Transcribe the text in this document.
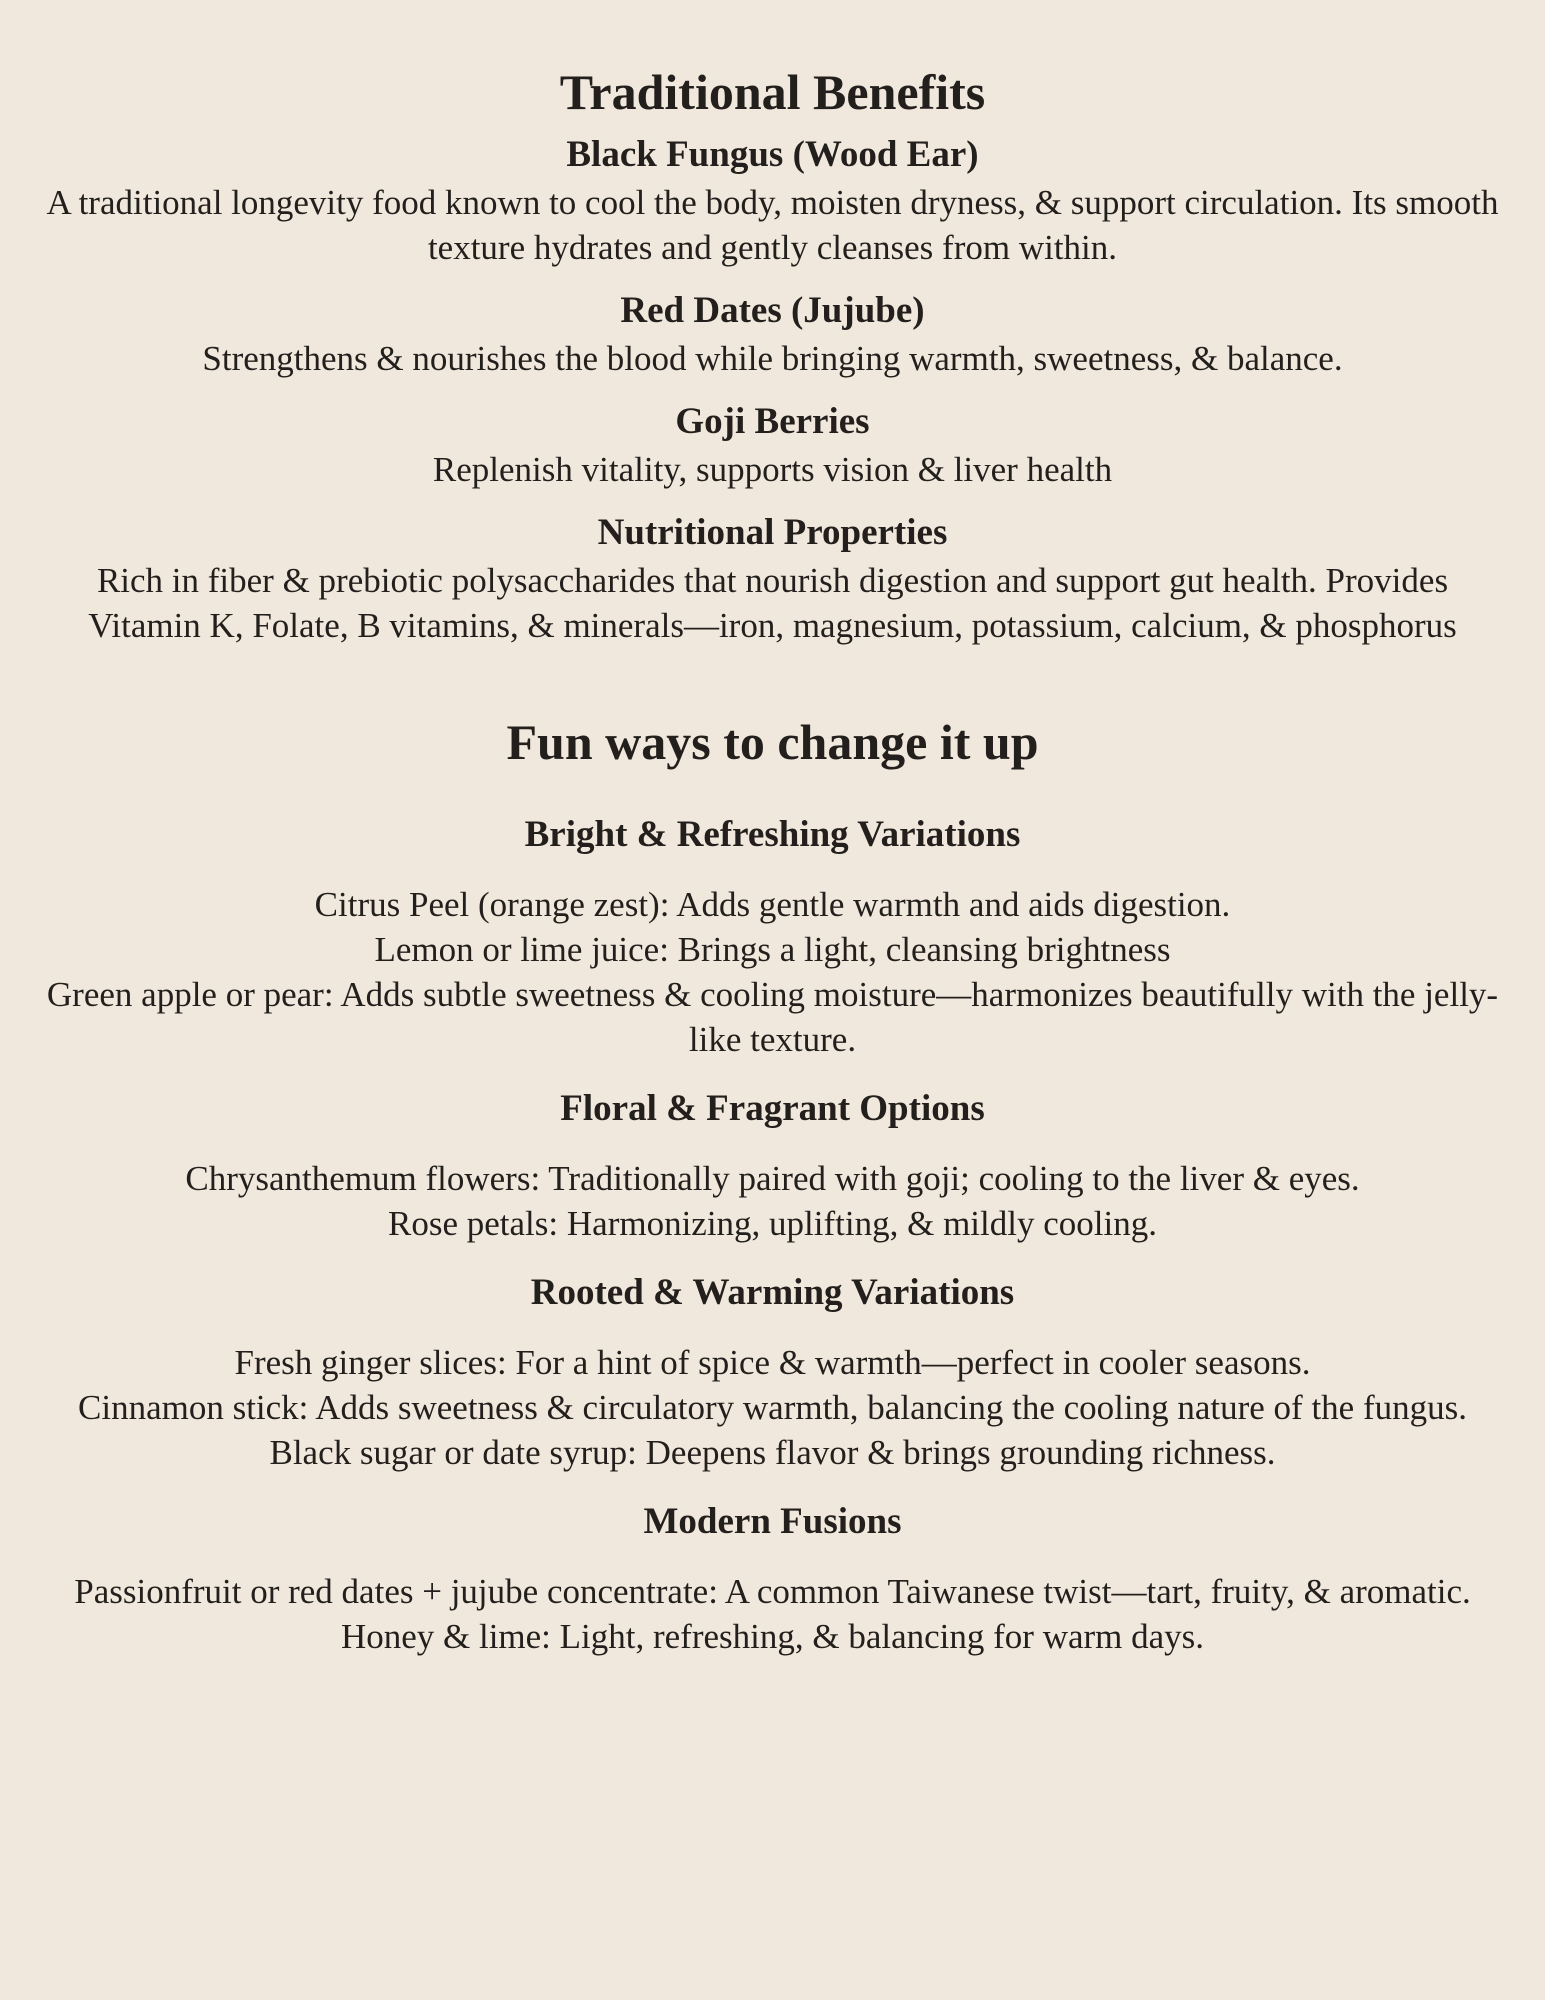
Traditional Benefits
Black Fungus (Wood Ear)

A traditional longevity food known to cool the body, moisten dryness, & support circulation. Its smooth texture hydrates and gently cleanses from within.

Red Dates (Jujube)

Strengthens & nourishes the blood while bringing warmth, sweetness, & balance.

Goji Berries

Replenish vitality, supports vision & liver health

Nutritional Properties

Rich in fiber & prebiotic polysaccharides that nourish digestion and support gut health. Provides Vitamin K, Folate, B vitamins, & minerals—iron, magnesium, potassium, calcium, & phosphorus

Fun ways to change it up
Bright & Refreshing Variations
Citrus Peel (orange zest): Adds gentle warmth and aids digestion.
Lemon or lime juice: Brings a light, cleansing brightness
Green apple or pear: Adds subtle sweetness & cooling moisture—harmonizes beautifully with the jelly-like texture.
Floral & Fragrant Options
Chrysanthemum flowers: Traditionally paired with goji; cooling to the liver & eyes.
Rose petals: Harmonizing, uplifting, & mildly cooling.
Rooted & Warming Variations
Fresh ginger slices: For a hint of spice & warmth—perfect in cooler seasons.
Cinnamon stick: Adds sweetness & circulatory warmth, balancing the cooling nature of the fungus.
Black sugar or date syrup: Deepens flavor & brings grounding richness.
Modern Fusions
Passionfruit or red dates + jujube concentrate: A common Taiwanese twist—tart, fruity, & aromatic.
Honey & lime: Light, refreshing, & balancing for warm days.
